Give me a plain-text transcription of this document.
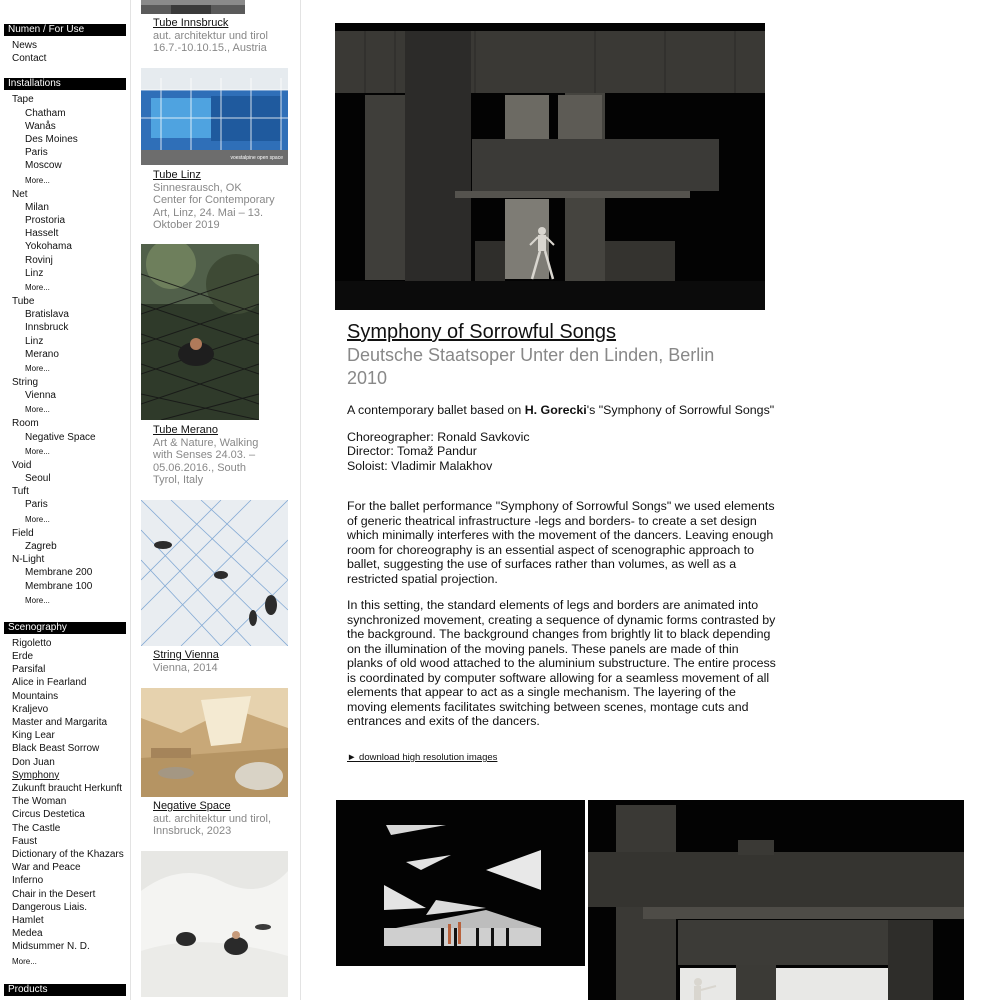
Numen / For Use
News
Contact
Installations
Tape
Chatham
Wanås
Des Moines
Paris
Moscow
More...
Net
Milan
Prostoria
Hasselt
Yokohama
Rovinj
Linz
More...
Tube
Bratislava
Innsbruck
Linz
Merano
More...
String
Vienna
More...
Room
Negative Space
More...
Void
Seoul
Tuft
Paris
More...
Field
Zagreb
N-Light
Membrane 200
Membrane 100
More...
Scenography
Rigoletto
Erde
Parsifal
Alice in Fearland
Mountains
Kraljevo
Master and Margarita
King Lear
Black Beast Sorrow
Don Juan
Symphony
Zukunft braucht Herkunft
The Woman
Circus Destetica
The Castle
Faust
Dictionary of the Khazars
War and Peace
Inferno
Chair in the Desert
Dangerous Liais.
Hamlet
Medea
Midsummer N. D.
More...
Products
Tube Innsbruck
aut. architektur und tirol
16.7.-10.10.15., Austria
voestalpine open space
Tube Linz
Sinnesrausch, OK
Center for Contemporary
Art, Linz, 24. Mai – 13.
Oktober 2019
Tube Merano
Art & Nature, Walking
with Senses 24.03. –
05.06.2016., South
Tyrol, Italy
String Vienna
Vienna, 2014
Negative Space
aut. architektur und tirol,
Innsbruck, 2023
Symphony of Sorrowful Songs
Deutsche Staatsoper Unter den Linden, Berlin
2010

A contemporary ballet based on H. Gorecki's "Symphony of Sorrowful Songs"

Choreographer: Ronald Savkovic
Director: Tomaž Pandur
Soloist: Vladimir Malakhov

For the ballet performance "Symphony of Sorrowful Songs" we used elements of generic theatrical infrastructure -legs and borders- to create a set design which minimally interferes with the movement of the dancers. Leaving enough room for choreography is an essential aspect of scenographic approach to ballet, suggesting the use of surfaces rather than volumes, as well as a restricted spatial projection.

In this setting, the standard elements of legs and borders are animated into synchronized movement, creating a sequence of dynamic forms contrasted by the background. The background changes from brightly lit to black depending on the illumination of the moving panels. These panels are made of thin planks of old wood attached to the aluminium substructure. The entire process is coordinated by computer software allowing for a seamless movement of all elements that appear to act as a single mechanism. The layering of the moving elements facilitates switching between scenes, montage cuts and entrances and exits of the dancers.

► download high resolution images
